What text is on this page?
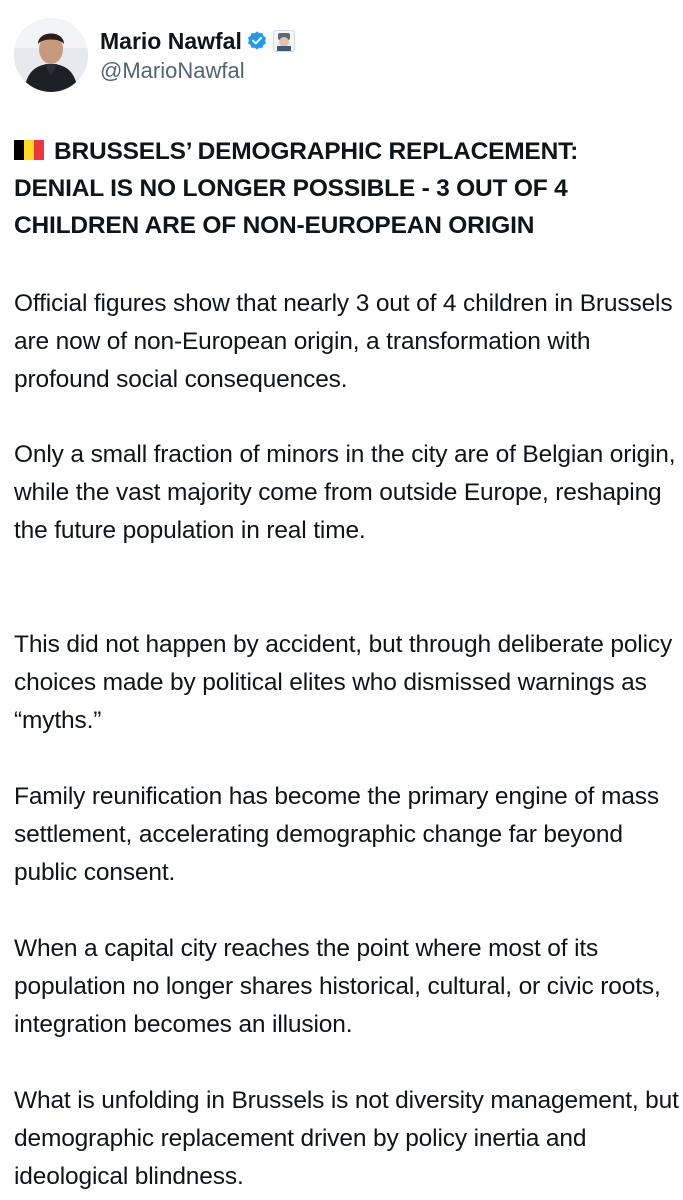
Mario Nawfal
@MarioNawfal
BRUSSELS’ DEMOGRAPHIC REPLACEMENT: DENIAL IS NO LONGER POSSIBLE - 3 OUT OF 4 CHILDREN ARE OF NON-EUROPEAN ORIGIN

Official figures show that nearly 3 out of 4 children in Brussels are now of non-European origin, a transformation with profound social consequences.

Only a small fraction of minors in the city are of Belgian origin, while the vast majority come from outside Europe, reshaping the future population in real time.

This did not happen by accident, but through deliberate policy choices made by political elites who dismissed warnings as “myths.”

Family reunification has become the primary engine of mass settlement, accelerating demographic change far beyond public consent.

When a capital city reaches the point where most of its population no longer shares historical, cultural, or civic roots, integration becomes an illusion.

What is unfolding in Brussels is not diversity management, but demographic replacement driven by policy inertia and ideological blindness.
